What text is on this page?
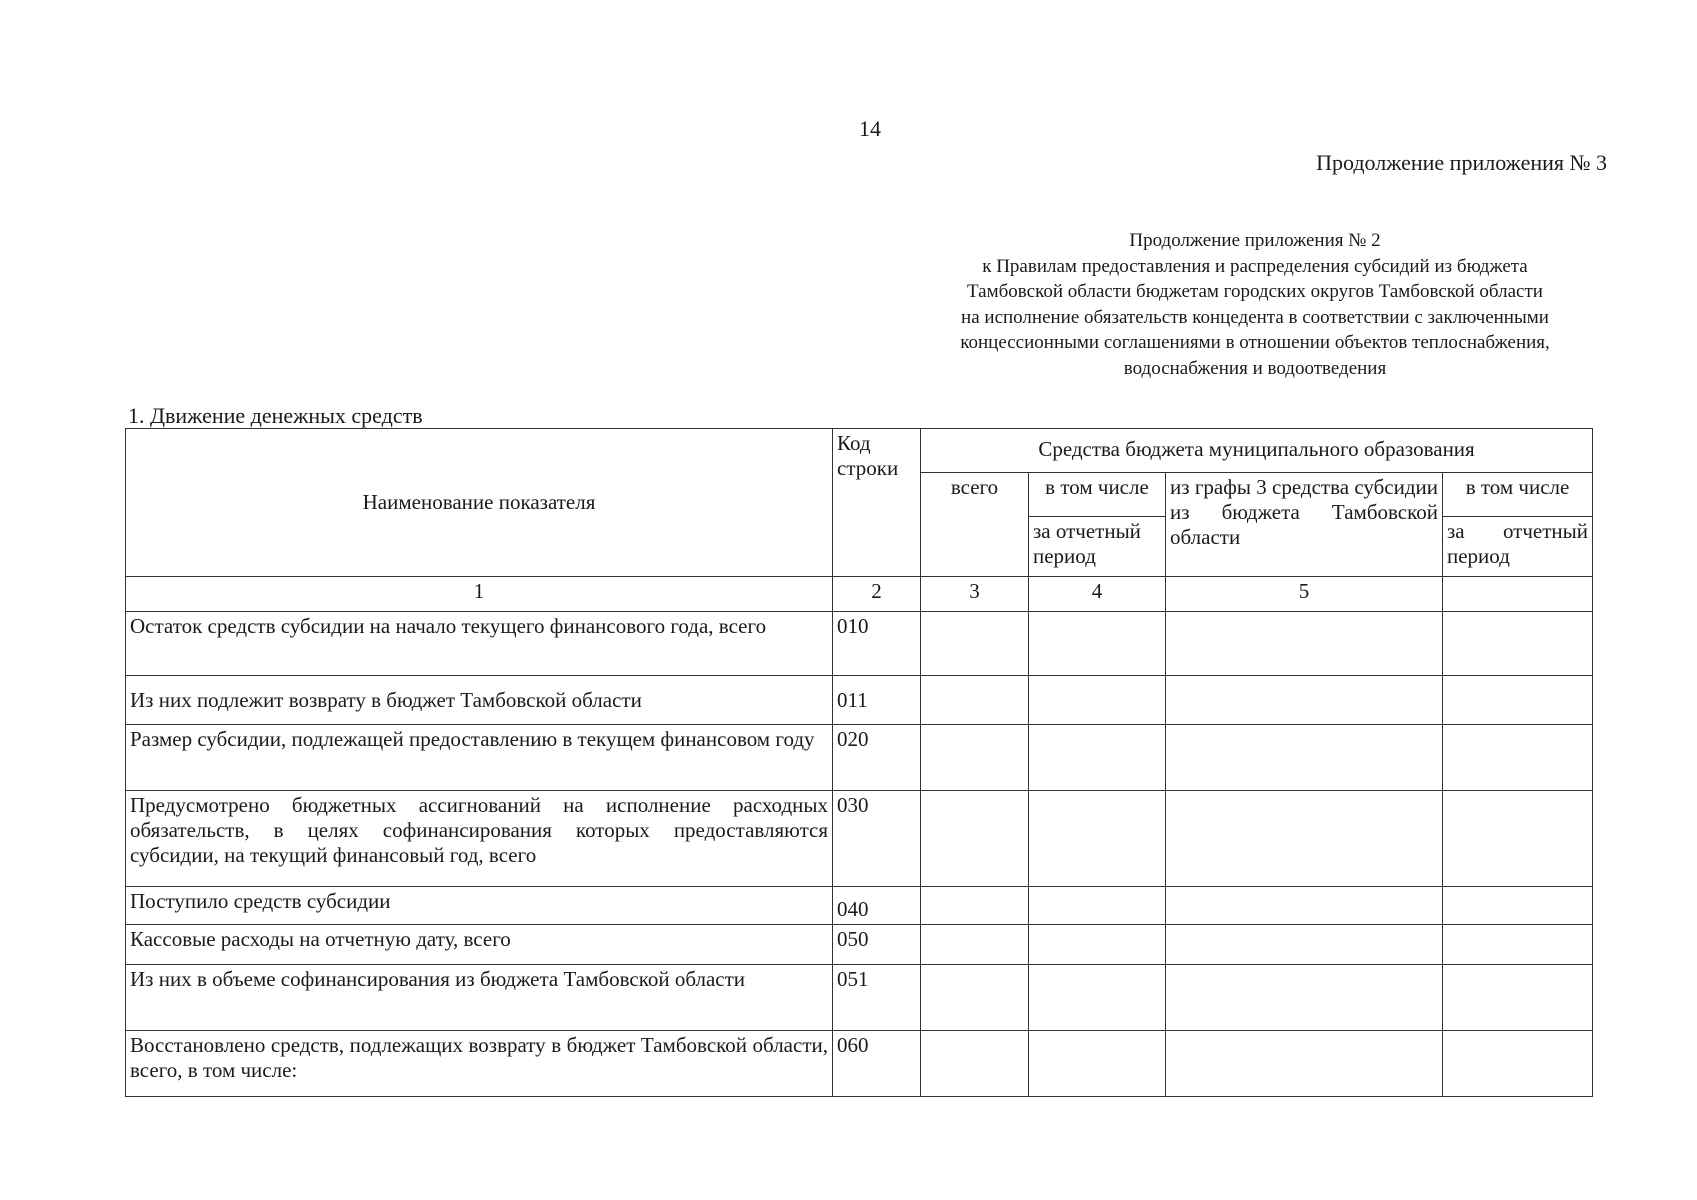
14
Продолжение приложения № 3
Продолжение приложения № 2
к Правилам предоставления и распределения субсидий из бюджета
Тамбовской области бюджетам городских округов Тамбовской области
на исполнение обязательств концедента в соответствии с заключенными
концессионными соглашениями в отношении объектов теплоснабжения,
водоснабжения и водоотведения
1. Движение денежных средств
Наименование показателя	Код строки	Средства бюджета муниципального образования			
		всего	в том числе	из графы 3 средства субсидии из бюджета Тамбовской области	в том числе
			за отчетный период		за отчетный период
1	2	3	4	5	
Остаток средств субсидии на начало текущего финансового года, всего	010				
Из них подлежит возврату в бюджет Тамбовской области	011				
Размер субсидии, подлежащей предоставлению в текущем финансовом году	020				
Предусмотрено бюджетных ассигнований на исполнение расходных обязательств, в целях софинансирования которых предоставляются субсидии, на текущий финансовый год, всего	030				
Поступило средств субсидии	040				
Кассовые расходы на отчетную дату, всего	050				
Из них в объеме софинансирования из бюджета Тамбовской области	051				
Восстановлено средств, подлежащих возврату в бюджет Тамбовской области, всего, в том числе:	060				
